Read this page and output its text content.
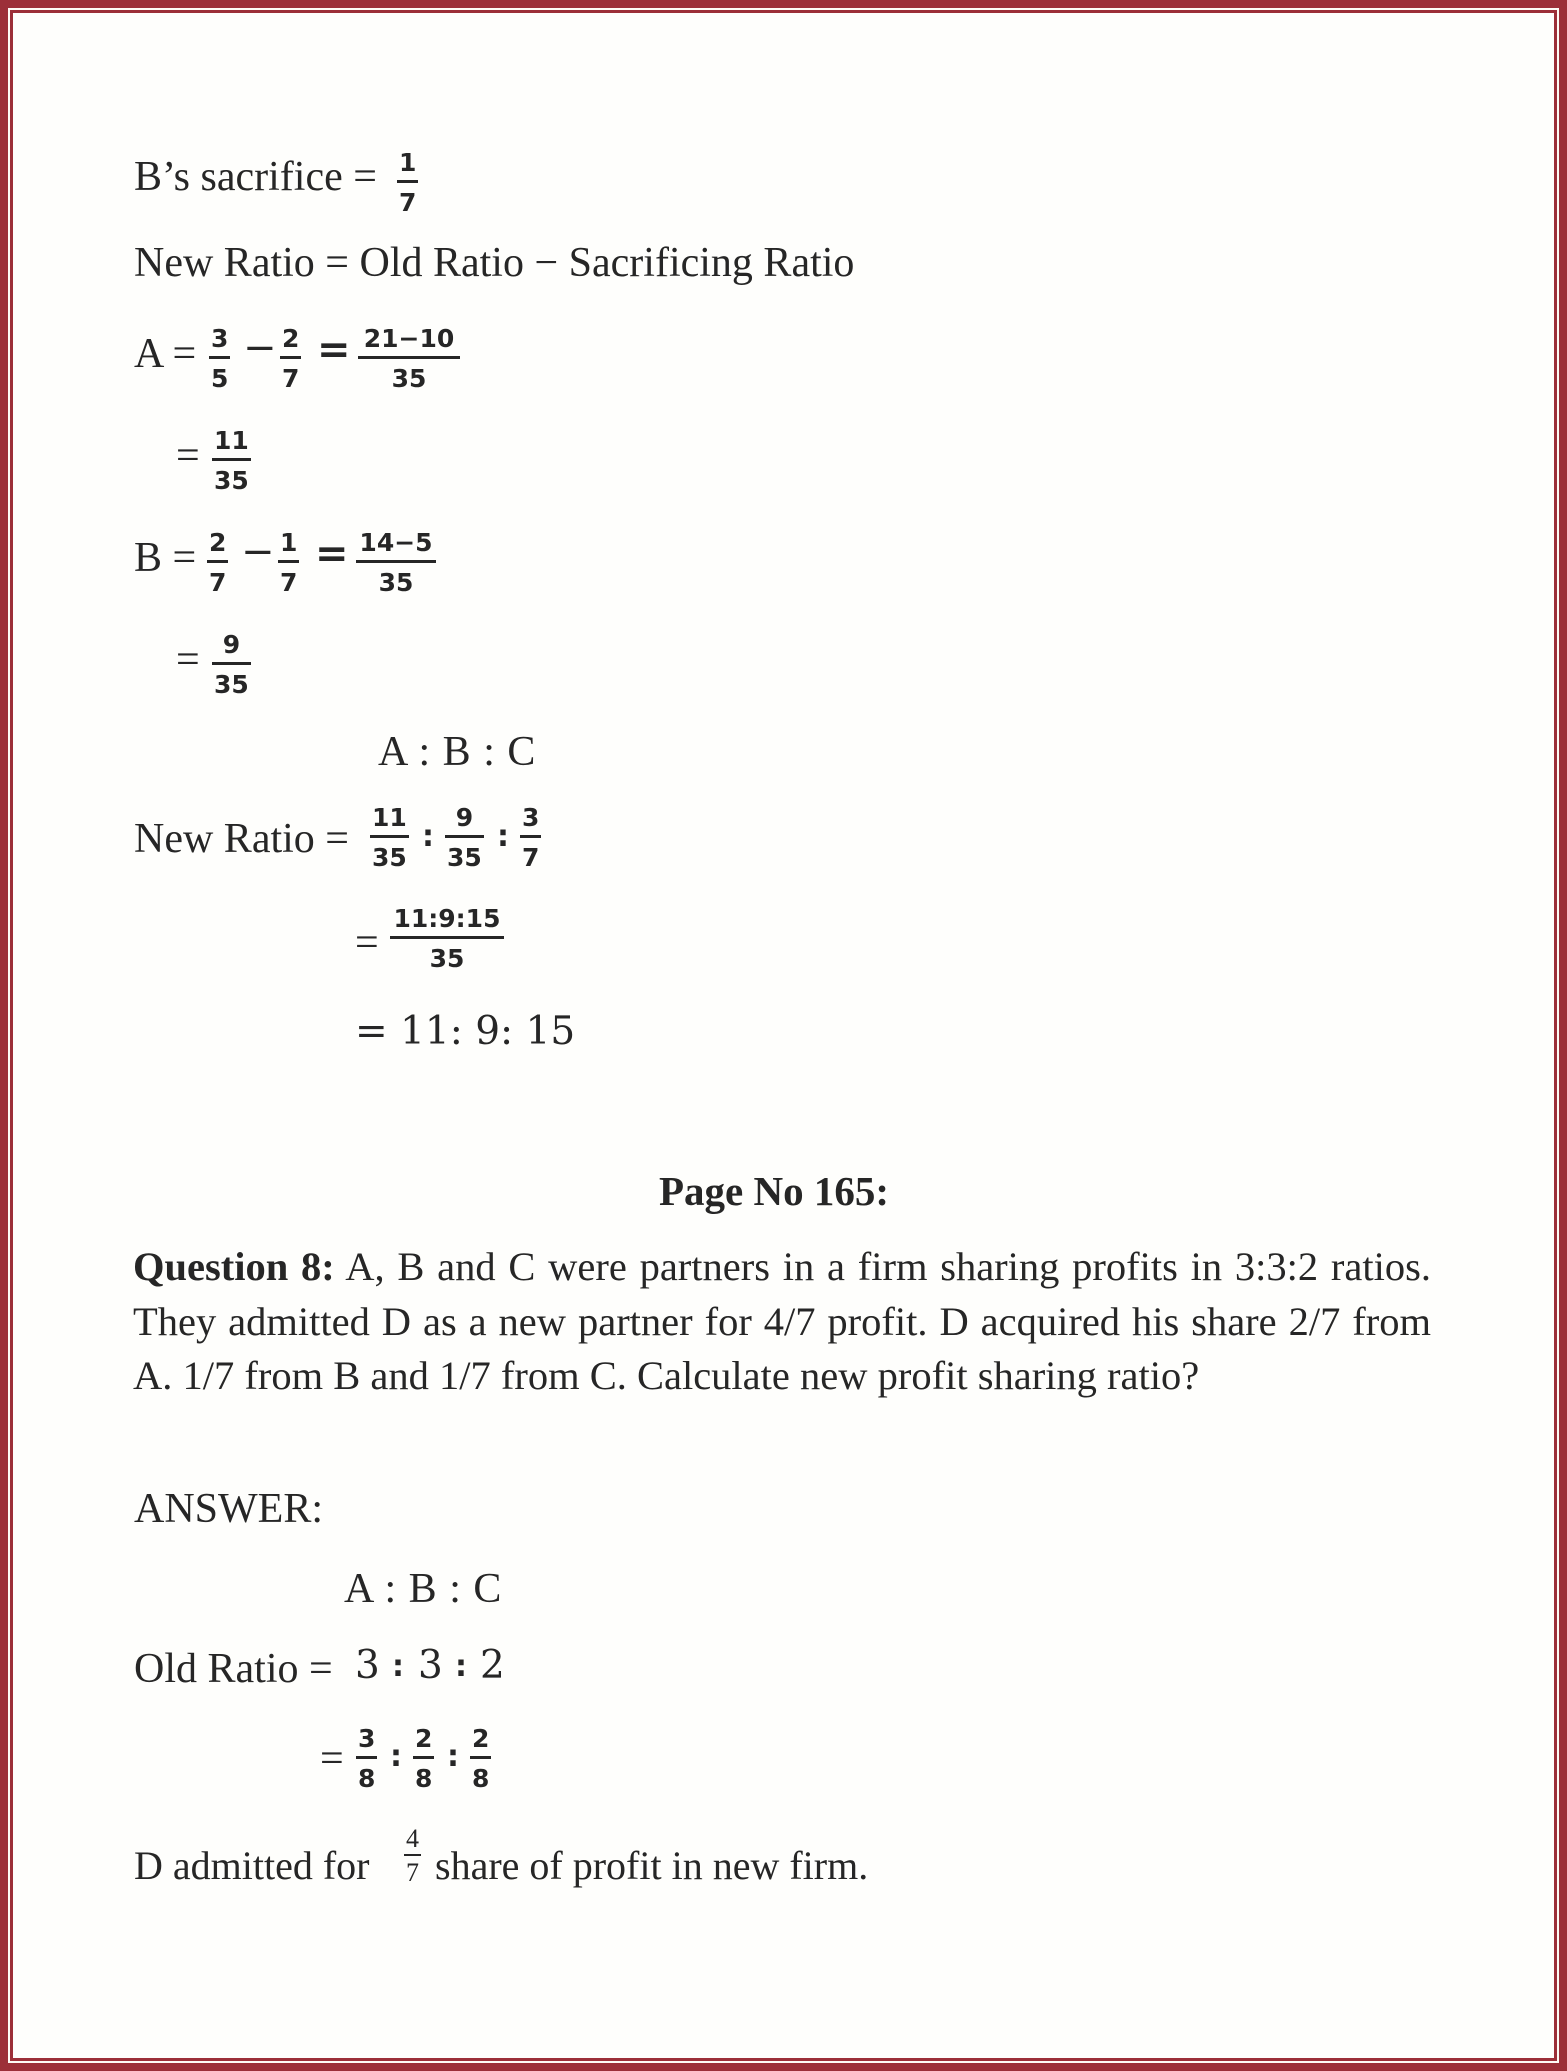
B’s sacrifice = 1
7
New Ratio = Old Ratio − Sacrificing Ratio
A = 3
5
− 2
7
= 21−10
35
= 11
35
B = 2
7
− 1
7
= 14−5
35
= 9
35
A : B : C
New Ratio = 11
35
:
9
35
:
3
7
=
11:9:15
35
= 11: 9: 15
Page No 165:
Question 8: A, B and C were partners in a firm sharing profits in 3:3:2 ratios. They admitted D as a new partner for 4/7 profit. D acquired his share 2/7 from A. 1/7 from B and 1/7 from C. Calculate new profit sharing ratio?
ANSWER:
A : B : C
Old Ratio = 3 : 3 : 2
= 3
8
:
2
8
:
2
8
D admitted for
4
7 share of profit in new firm.
